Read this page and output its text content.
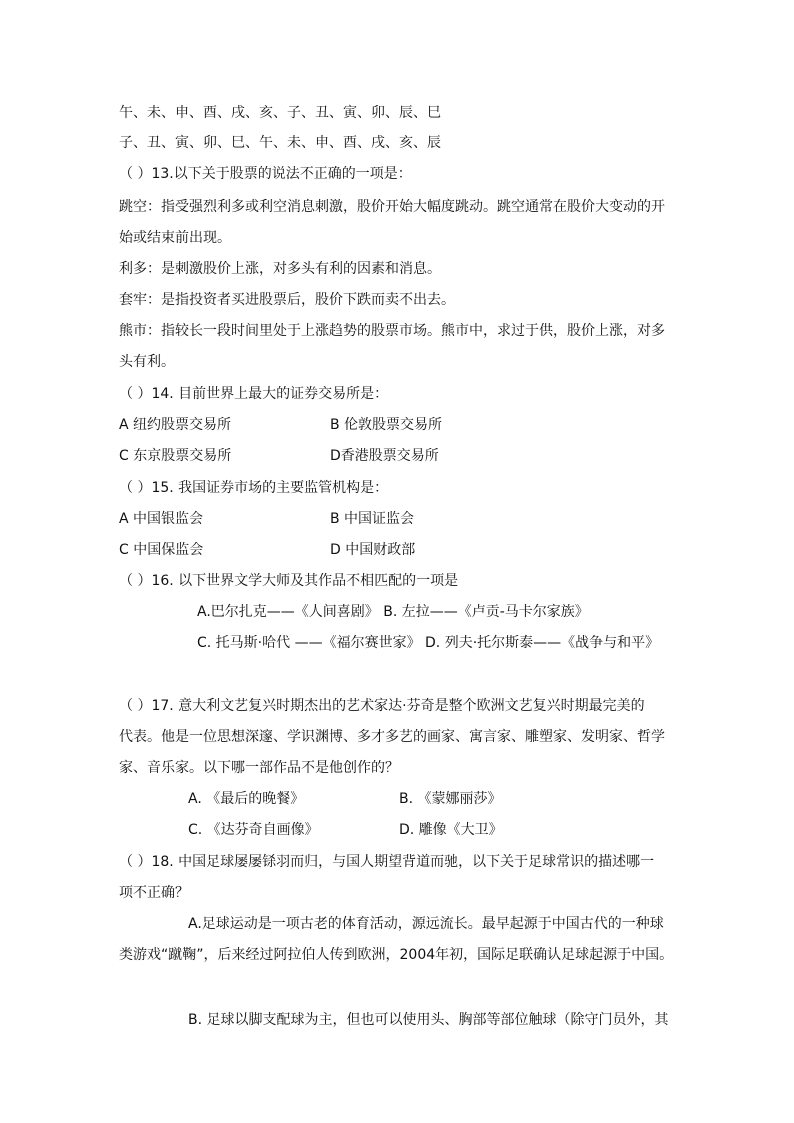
午、未、申、酉、戌、亥、子、丑、寅、卯、辰、巳
子、丑、寅、卯、巳、午、未、申、酉、戌、亥、辰
（ ）13.以下关于股票的说法不正确的一项是：
跳空：指受强烈利多或利空消息刺激，股价开始大幅度跳动。跳空通常在股价大变动的开
始或结束前出现。
利多：是刺激股价上涨，对多头有利的因素和消息。
套牢：是指投资者买进股票后，股价下跌而卖不出去。
熊市：指较长一段时间里处于上涨趋势的股票市场。熊市中，求过于供，股价上涨，对多
头有利。
（ ）14. 目前世界上最大的证券交易所是：
A 纽约股票交易所	B 伦敦股票交易所
C 东京股票交易所	D香港股票交易所
（ ）15. 我国证券市场的主要监管机构是：
A 中国银监会	B 中国证监会
C 中国保监会	D 中国财政部
（ ）16. 以下世界文学大师及其作品不相匹配的一项是
A.巴尔扎克——《人间喜剧》 B. 左拉——《卢贡-马卡尔家族》
C. 托马斯·哈代 ——《福尔赛世家》 D. 列夫·托尔斯泰——《战争与和平》
（ ）17. 意大利文艺复兴时期杰出的艺术家达·芬奇是整个欧洲文艺复兴时期最完美的
代表。他是一位思想深邃、学识渊博、多才多艺的画家、寓言家、雕塑家、发明家、哲学
家、音乐家。以下哪一部作品不是他创作的？
A. 《最后的晚餐》	B. 《蒙娜丽莎》
C. 《达芬奇自画像》	D. 雕像《大卫》
（ ）18. 中国足球屡屡铩羽而归，与国人期望背道而驰，以下关于足球常识的描述哪一
项不正确？
A.足球运动是一项古老的体育活动，源远流长。最早起源于中国古代的一种球
类游戏“蹴鞠”，后来经过阿拉伯人传到欧洲，2004年初，国际足联确认足球起源于中国。
B. 足球以脚支配球为主，但也可以使用头、胸部等部位触球（除守门员外，其
